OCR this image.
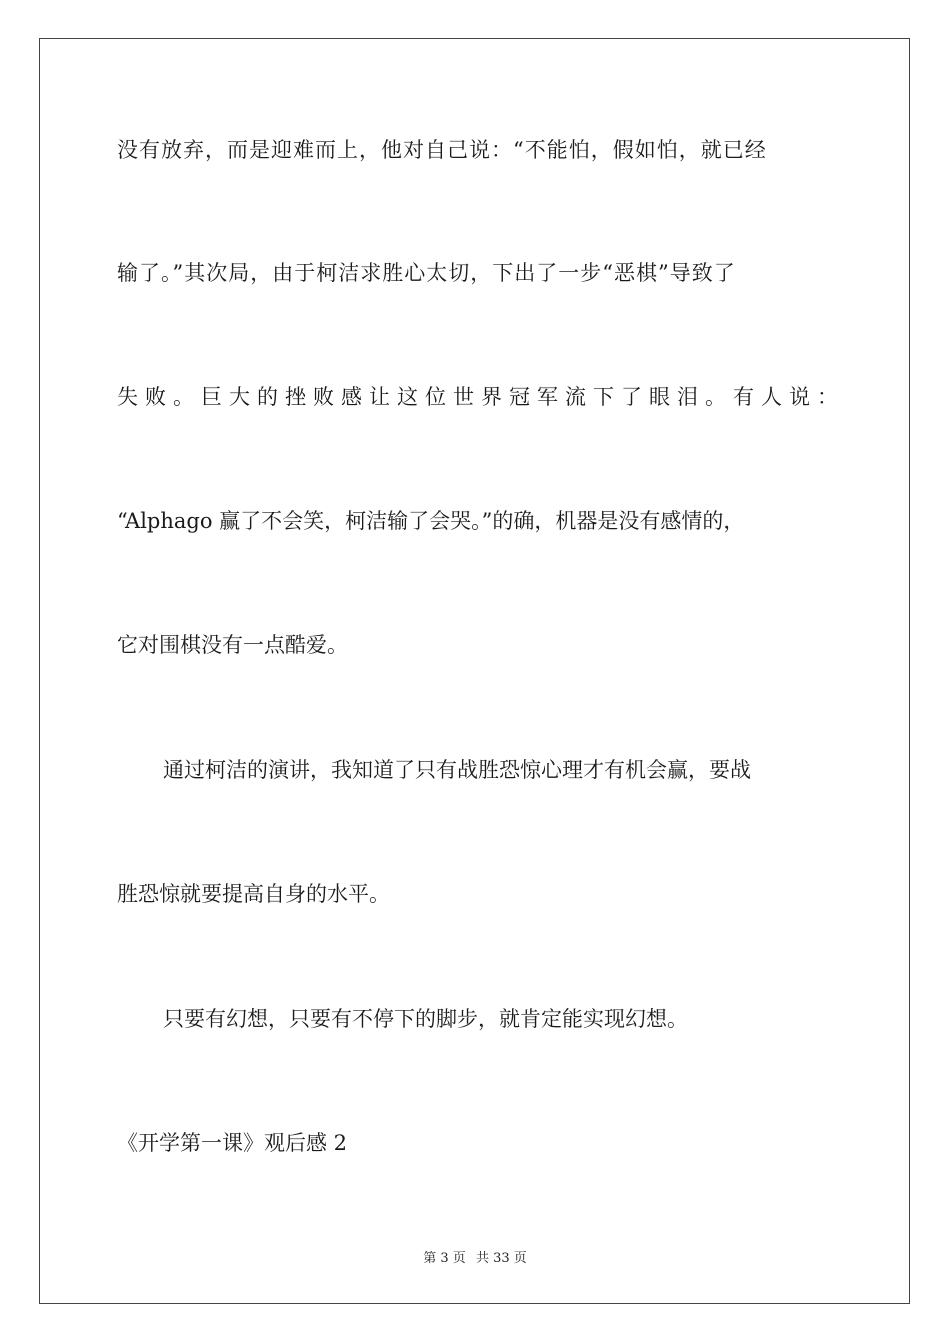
没有放弃，而是迎难而上，他对自己说：“不能怕，假如怕，就已经
输了。”其次局，由于柯洁求胜心太切，下出了一步“恶棋”导致了
失败。巨大的挫败感让这位世界冠军流下了眼泪。有人说：
“Alphago 赢了不会笑，柯洁输了会哭。”的确，机器是没有感情的，
它对围棋没有一点酷爱。
通过柯洁的演讲，我知道了只有战胜恐惊心理才有机会赢，要战
胜恐惊就要提高自身的水平。
只要有幻想，只要有不停下的脚步，就肯定能实现幻想。
《开学第一课》观后感 2
第 3 页 共 33 页
